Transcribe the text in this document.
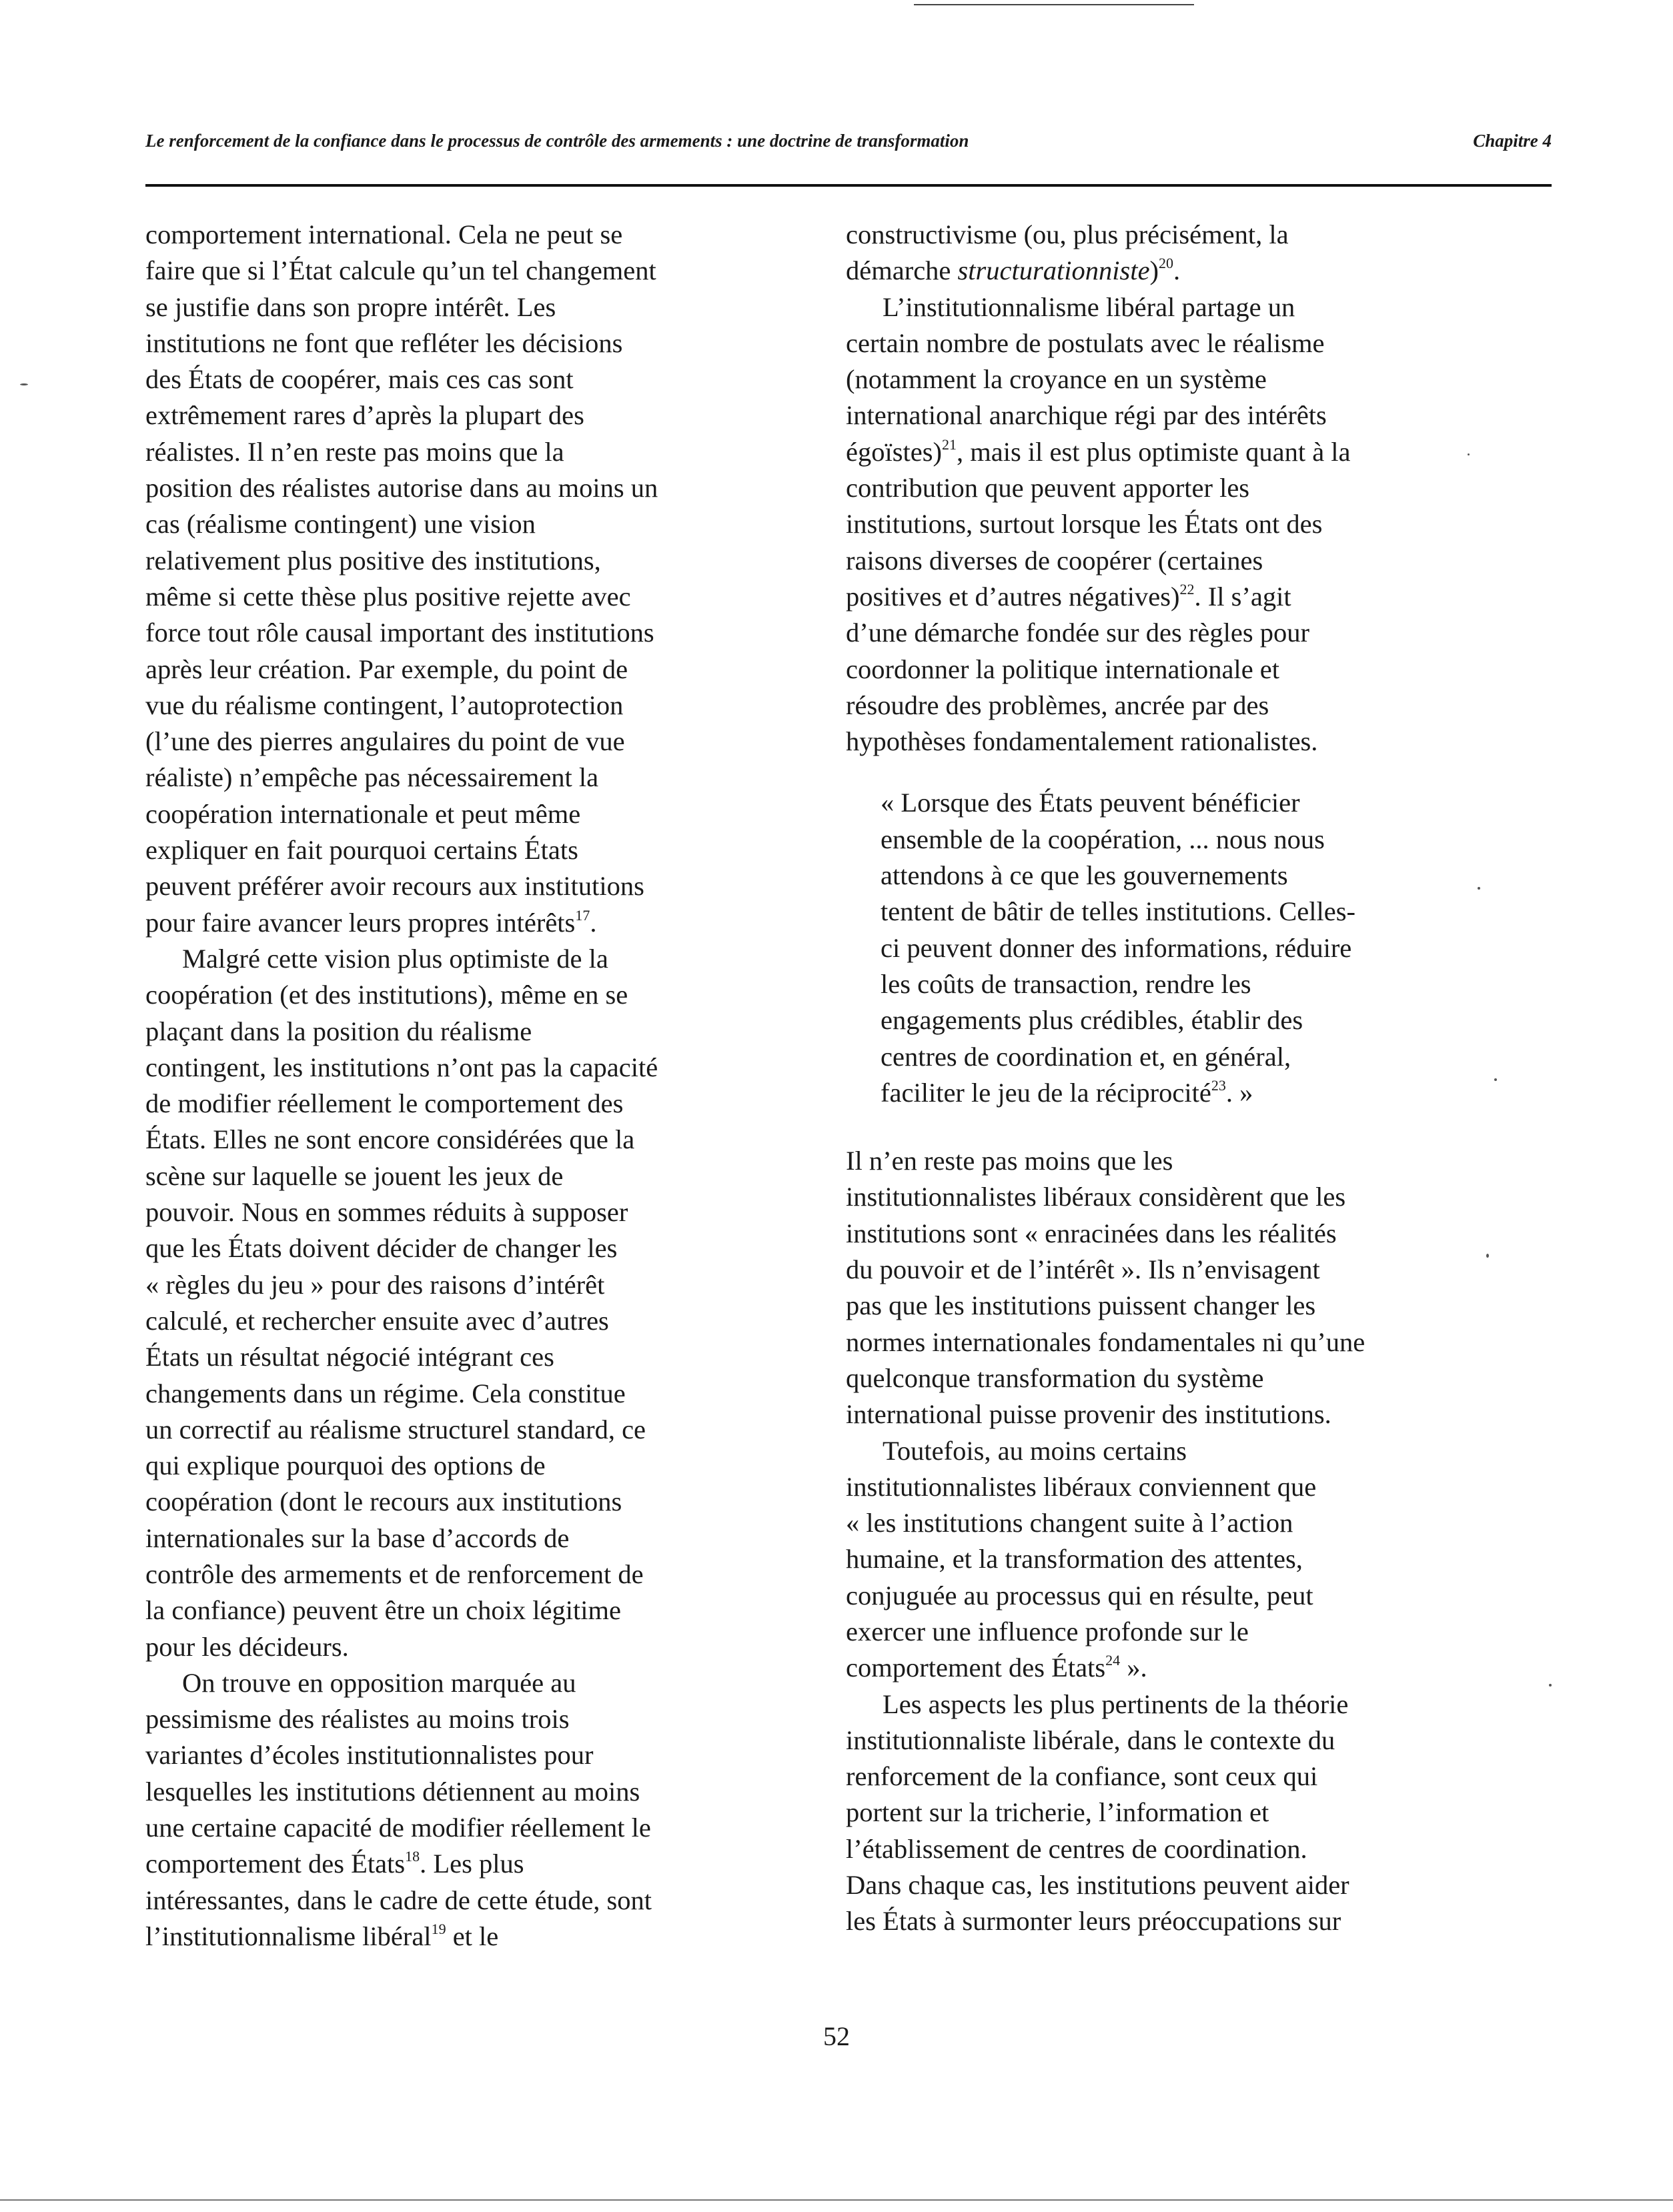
Le renforcement de la confiance dans le processus de contrôle des armements : une doctrine de transformation	Chapitre 4

comportement international. Cela ne peut se
faire que si l’État calcule qu’un tel changement
se justifie dans son propre intérêt. Les
institutions ne font que refléter les décisions
des États de coopérer, mais ces cas sont
extrêmement rares d’après la plupart des
réalistes. Il n’en reste pas moins que la
position des réalistes autorise dans au moins un
cas (réalisme contingent) une vision
relativement plus positive des institutions,
même si cette thèse plus positive rejette avec
force tout rôle causal important des institutions
après leur création. Par exemple, du point de
vue du réalisme contingent, l’autoprotection
(l’une des pierres angulaires du point de vue
réaliste) n’empêche pas nécessairement la
coopération internationale et peut même
expliquer en fait pourquoi certains États
peuvent préférer avoir recours aux institutions
pour faire avancer leurs propres intérêts$^{17}$.

Malgré cette vision plus optimiste de la
coopération (et des institutions), même en se
plaçant dans la position du réalisme
contingent, les institutions n’ont pas la capacité
de modifier réellement le comportement des
États. Elles ne sont encore considérées que la
scène sur laquelle se jouent les jeux de
pouvoir. Nous en sommes réduits à supposer
que les États doivent décider de changer les
« règles du jeu » pour des raisons d’intérêt
calculé, et rechercher ensuite avec d’autres
États un résultat négocié intégrant ces
changements dans un régime. Cela constitue
un correctif au réalisme structurel standard, ce
qui explique pourquoi des options de
coopération (dont le recours aux institutions
internationales sur la base d’accords de
contrôle des armements et de renforcement de
la confiance) peuvent être un choix légitime
pour les décideurs.

On trouve en opposition marquée au
pessimisme des réalistes au moins trois
variantes d’écoles institutionnalistes pour
lesquelles les institutions détiennent au moins
une certaine capacité de modifier réellement le
comportement des États$^{18}$. Les plus
intéressantes, dans le cadre de cette étude, sont
l’institutionnalisme libéral$^{19}$ et le

constructivisme (ou, plus précisément, la
démarche structurationniste)$^{20}$.

L’institutionnalisme libéral partage un
certain nombre de postulats avec le réalisme
(notamment la croyance en un système
international anarchique régi par des intérêts
égoïstes)$^{21}$, mais il est plus optimiste quant à la
contribution que peuvent apporter les
institutions, surtout lorsque les États ont des
raisons diverses de coopérer (certaines
positives et d’autres négatives)$^{22}$. Il s’agit
d’une démarche fondée sur des règles pour
coordonner la politique internationale et
résoudre des problèmes, ancrée par des
hypothèses fondamentalement rationalistes.

« Lorsque des États peuvent bénéficier
ensemble de la coopération, ... nous nous
attendons à ce que les gouvernements
tentent de bâtir de telles institutions. Celles-
ci peuvent donner des informations, réduire
les coûts de transaction, rendre les
engagements plus crédibles, établir des
centres de coordination et, en général,
faciliter le jeu de la réciprocité$^{23}$. »

Il n’en reste pas moins que les
institutionnalistes libéraux considèrent que les
institutions sont « enracinées dans les réalités
du pouvoir et de l’intérêt ». Ils n’envisagent
pas que les institutions puissent changer les
normes internationales fondamentales ni qu’une
quelconque transformation du système
international puisse provenir des institutions.

Toutefois, au moins certains
institutionnalistes libéraux conviennent que
« les institutions changent suite à l’action
humaine, et la transformation des attentes,
conjuguée au processus qui en résulte, peut
exercer une influence profonde sur le
comportement des États$^{24}$ ».

Les aspects les plus pertinents de la théorie
institutionnaliste libérale, dans le contexte du
renforcement de la confiance, sont ceux qui
portent sur la tricherie, l’information et
l’établissement de centres de coordination.
Dans chaque cas, les institutions peuvent aider
les États à surmonter leurs préoccupations sur

52
